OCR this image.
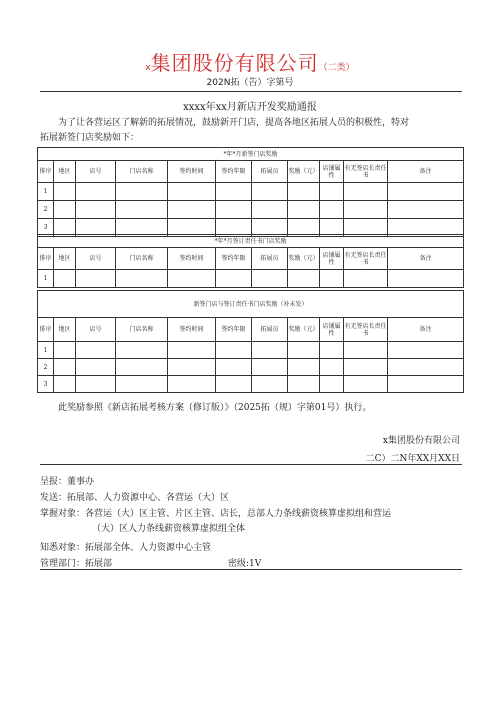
x集团股份有限公司（二类）
202N拓（告）字第号
xxxx年xx月新店开发奖励通报
为了让各营运区了解新的拓展情况，鼓励新开门店，提高各地区拓展人员的积极性，特对
拓展新签门店奖励如下：
*年*月新签门店奖励										
排序	地区	店号	门店名称	签约时间	签约年限	拓展员	奖励（元）	店铺属性	有无签店长责任书	备注
1										
2										
3										
*年*月签订责任书门店奖励										
排序	地区	店号	门店名称	签约时间	签约年限	拓展员	奖励（元）	店铺属性	有无签店长责任书	备注
1										
新签门店与签订责任书门店奖励（补未发）										
排序	地区	店号	门店名称	签约时间	签约年限	拓展员	奖励（元）	店铺属性	有无签店长责任书	备注
1										
2										
3										
此奖励参照《新店拓展考核方案（修订版）》（2025拓（规）字第01号）执行。
x集团股份有限公司
二C）二N年XX月XX日
呈报：董事办
发送：拓展部、人力资源中心、各营运（大）区
掌握对象：各营运（大）区主管、片区主管、店长，总部人力条线薪资核算虚拟组和营运
（大）区人力条线薪资核算虚拟组全体
知悉对象：拓展部全体、人力资源中心主管
管理部门：拓展部	密级:1V
